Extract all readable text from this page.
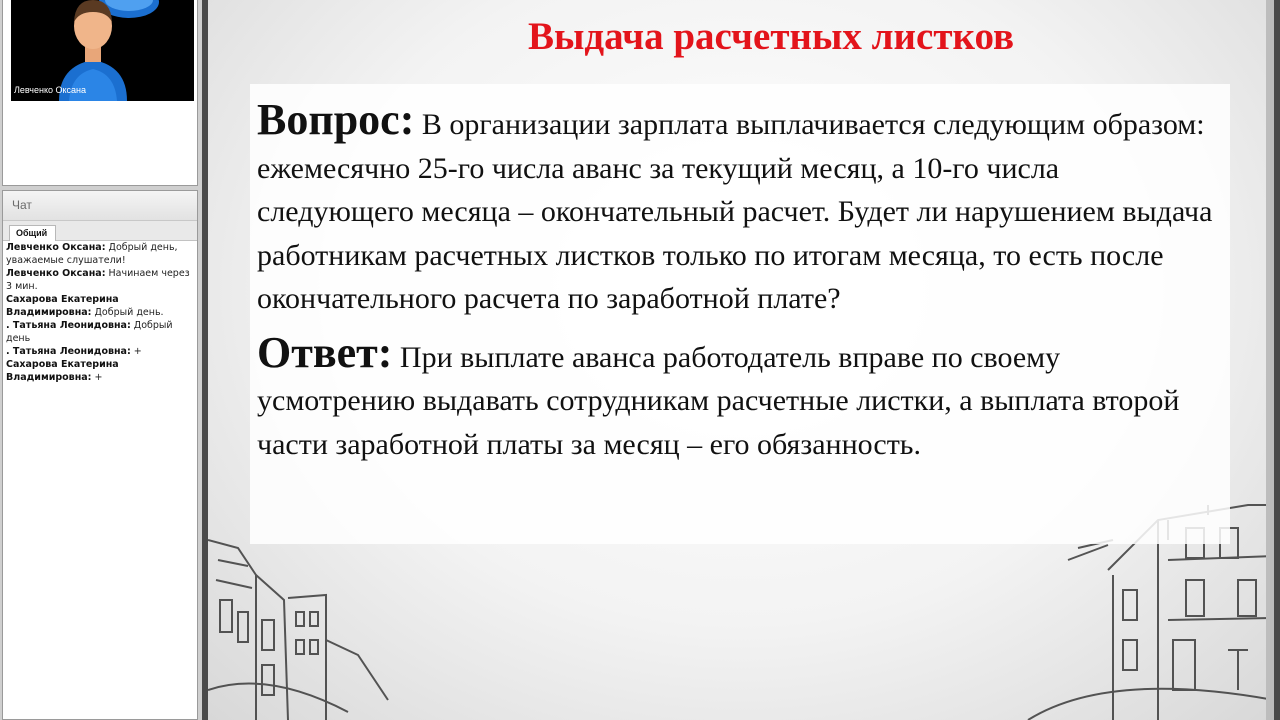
Левченко Оксана
Чат
Общий
Левченко Оксана: Добрый день, уважаемые слушатели!
Левченко Оксана: Начинаем через 3 мин.
Сахарова Екатерина Владимировна: Добрый день.
. Татьяна Леонидовна: Добрый день
. Татьяна Леонидовна: +
Сахарова Екатерина Владимировна: +
Выдача расчетных листков

Вопрос: В организации зарплата выплачивается следующим образом: ежемесячно 25-го числа аванс за текущий месяц, а 10-го числа следующего месяца – окончательный расчет. Будет ли нарушением выдача работникам расчетных листков только по итогам месяца, то есть после окончательного расчета по заработной плате?

Ответ: При выплате аванса работодатель вправе по своему усмотрению выдавать сотрудникам расчетные листки, а выплата второй части заработной платы за месяц – его обязанность.
